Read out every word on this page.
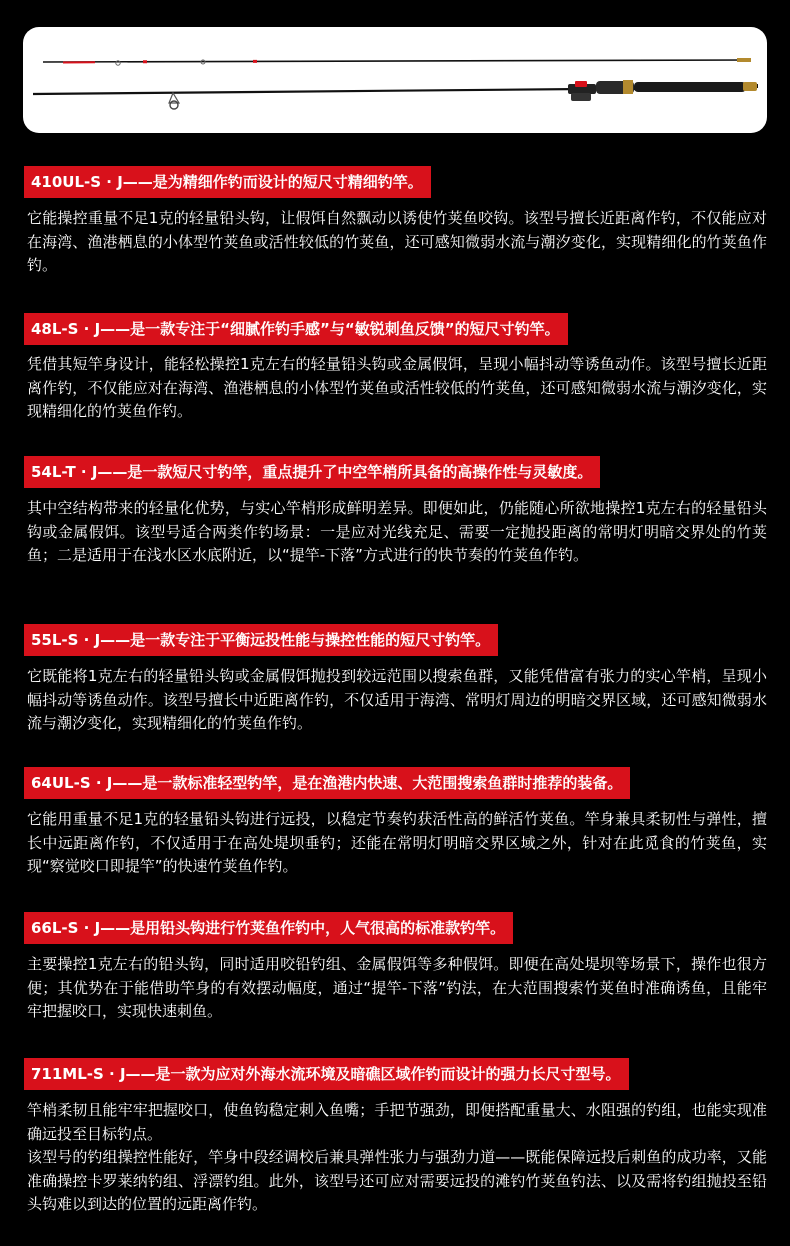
410UL-S · J——是为精细作钓而设计的短尺寸精细钓竿。

它能操控重量不足1克的轻量铅头钩，让假饵自然飘动以诱使竹荚鱼咬钩。该型号擅长近距离作钓，不仅能应对在海湾、渔港栖息的小体型竹荚鱼或活性较低的竹荚鱼，还可感知微弱水流与潮汐变化，实现精细化的竹荚鱼作钓。

48L-S · J——是一款专注于“细腻作钓手感”与“敏锐刺鱼反馈”的短尺寸钓竿。

凭借其短竿身设计，能轻松操控1克左右的轻量铅头钩或金属假饵，呈现小幅抖动等诱鱼动作。该型号擅长近距离作钓，不仅能应对在海湾、渔港栖息的小体型竹荚鱼或活性较低的竹荚鱼，还可感知微弱水流与潮汐变化，实现精细化的竹荚鱼作钓。

54L-T · J——是一款短尺寸钓竿，重点提升了中空竿梢所具备的高操作性与灵敏度。

其中空结构带来的轻量化优势，与实心竿梢形成鲜明差异。即便如此，仍能随心所欲地操控1克左右的轻量铅头钩或金属假饵。该型号适合两类作钓场景：一是应对光线充足、需要一定抛投距离的常明灯明暗交界处的竹荚鱼；二是适用于在浅水区水底附近，以“提竿-下落”方式进行的快节奏的竹荚鱼作钓。

55L-S · J——是一款专注于平衡远投性能与操控性能的短尺寸钓竿。

它既能将1克左右的轻量铅头钩或金属假饵抛投到较远范围以搜索鱼群，又能凭借富有张力的实心竿梢，呈现小幅抖动等诱鱼动作。该型号擅长中近距离作钓，不仅适用于海湾、常明灯周边的明暗交界区域，还可感知微弱水流与潮汐变化，实现精细化的竹荚鱼作钓。

64UL-S · J——是一款标准轻型钓竿，是在渔港内快速、大范围搜索鱼群时推荐的装备。

它能用重量不足1克的轻量铅头钩进行远投，以稳定节奏钓获活性高的鲜活竹荚鱼。竿身兼具柔韧性与弹性，擅长中远距离作钓，不仅适用于在高处堤坝垂钓；还能在常明灯明暗交界区域之外，针对在此觅食的竹荚鱼，实现“察觉咬口即提竿”的快速竹荚鱼作钓。

66L-S · J——是用铅头钩进行竹荚鱼作钓中，人气很高的标准款钓竿。

主要操控1克左右的铅头钩，同时适用咬铅钓组、金属假饵等多种假饵。即便在高处堤坝等场景下，操作也很方便；其优势在于能借助竿身的有效摆动幅度，通过“提竿-下落”钓法，在大范围搜索竹荚鱼时准确诱鱼，且能牢牢把握咬口，实现快速刺鱼。

711ML-S · J——是一款为应对外海水流环境及暗礁区域作钓而设计的强力长尺寸型号。

竿梢柔韧且能牢牢把握咬口，使鱼钩稳定刺入鱼嘴；手把节强劲，即便搭配重量大、水阻强的钓组，也能实现准确远投至目标钓点。

该型号的钓组操控性能好，竿身中段经调校后兼具弹性张力与强劲力道——既能保障远投后刺鱼的成功率，又能准确操控卡罗莱纳钓组、浮漂钓组。此外，该型号还可应对需要远投的滩钓竹荚鱼钓法、以及需将钓组抛投至铅头钩难以到达的位置的远距离作钓。
